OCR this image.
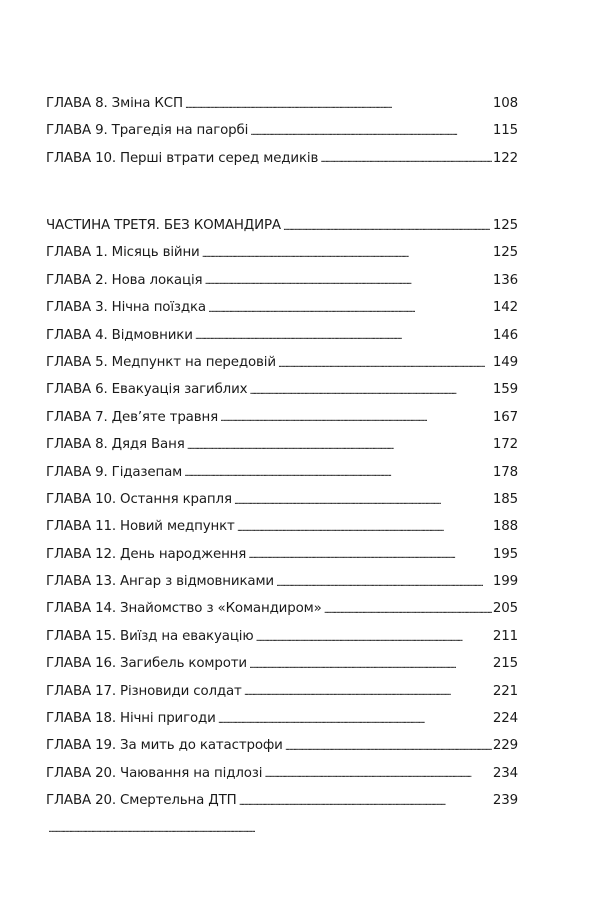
ГЛАВА 8. Зміна КСП . . .	108
ГЛАВА 9. Трагедія на пагорбі . . .	115
ГЛАВА 10. Перші втрати серед медиків . . .	122
ЧАСТИНА ТРЕТЯ. БЕЗ КОМАНДИРА . . .	125
ГЛАВА 1. Місяць війни . . .	125
ГЛАВА 2. Нова локація . . .	136
ГЛАВА 3. Нічна поїздка . . .	142
ГЛАВА 4. Відмовники . . .	146
ГЛАВА 5. Медпункт на передовій . . .	149
ГЛАВА 6. Евакуація загиблих . . .	159
ГЛАВА 7. Дев’яте травня . . .	167
ГЛАВА 8. Дядя Ваня . . .	172
ГЛАВА 9. Гідазепам . . .	178
ГЛАВА 10. Остання крапля . . .	185
ГЛАВА 11. Новий медпункт . . .	188
ГЛАВА 12. День народження . . .	195
ГЛАВА 13. Ангар з відмовниками . . .	199
ГЛАВА 14. Знайомство з «Командиром» . . .	205
ГЛАВА 15. Виїзд на евакуацію . . .	211
ГЛАВА 16. Загибель комроти . . .	215
ГЛАВА 17. Різновиди солдат . . .	221
ГЛАВА 18. Нічні пригоди . . .	224
ГЛАВА 19. За мить до катастрофи . . .	229
ГЛАВА 20. Чаювання на підлозі . . .	234
ГЛАВА 20. Смертельна ДТП . . .	239
. . .
